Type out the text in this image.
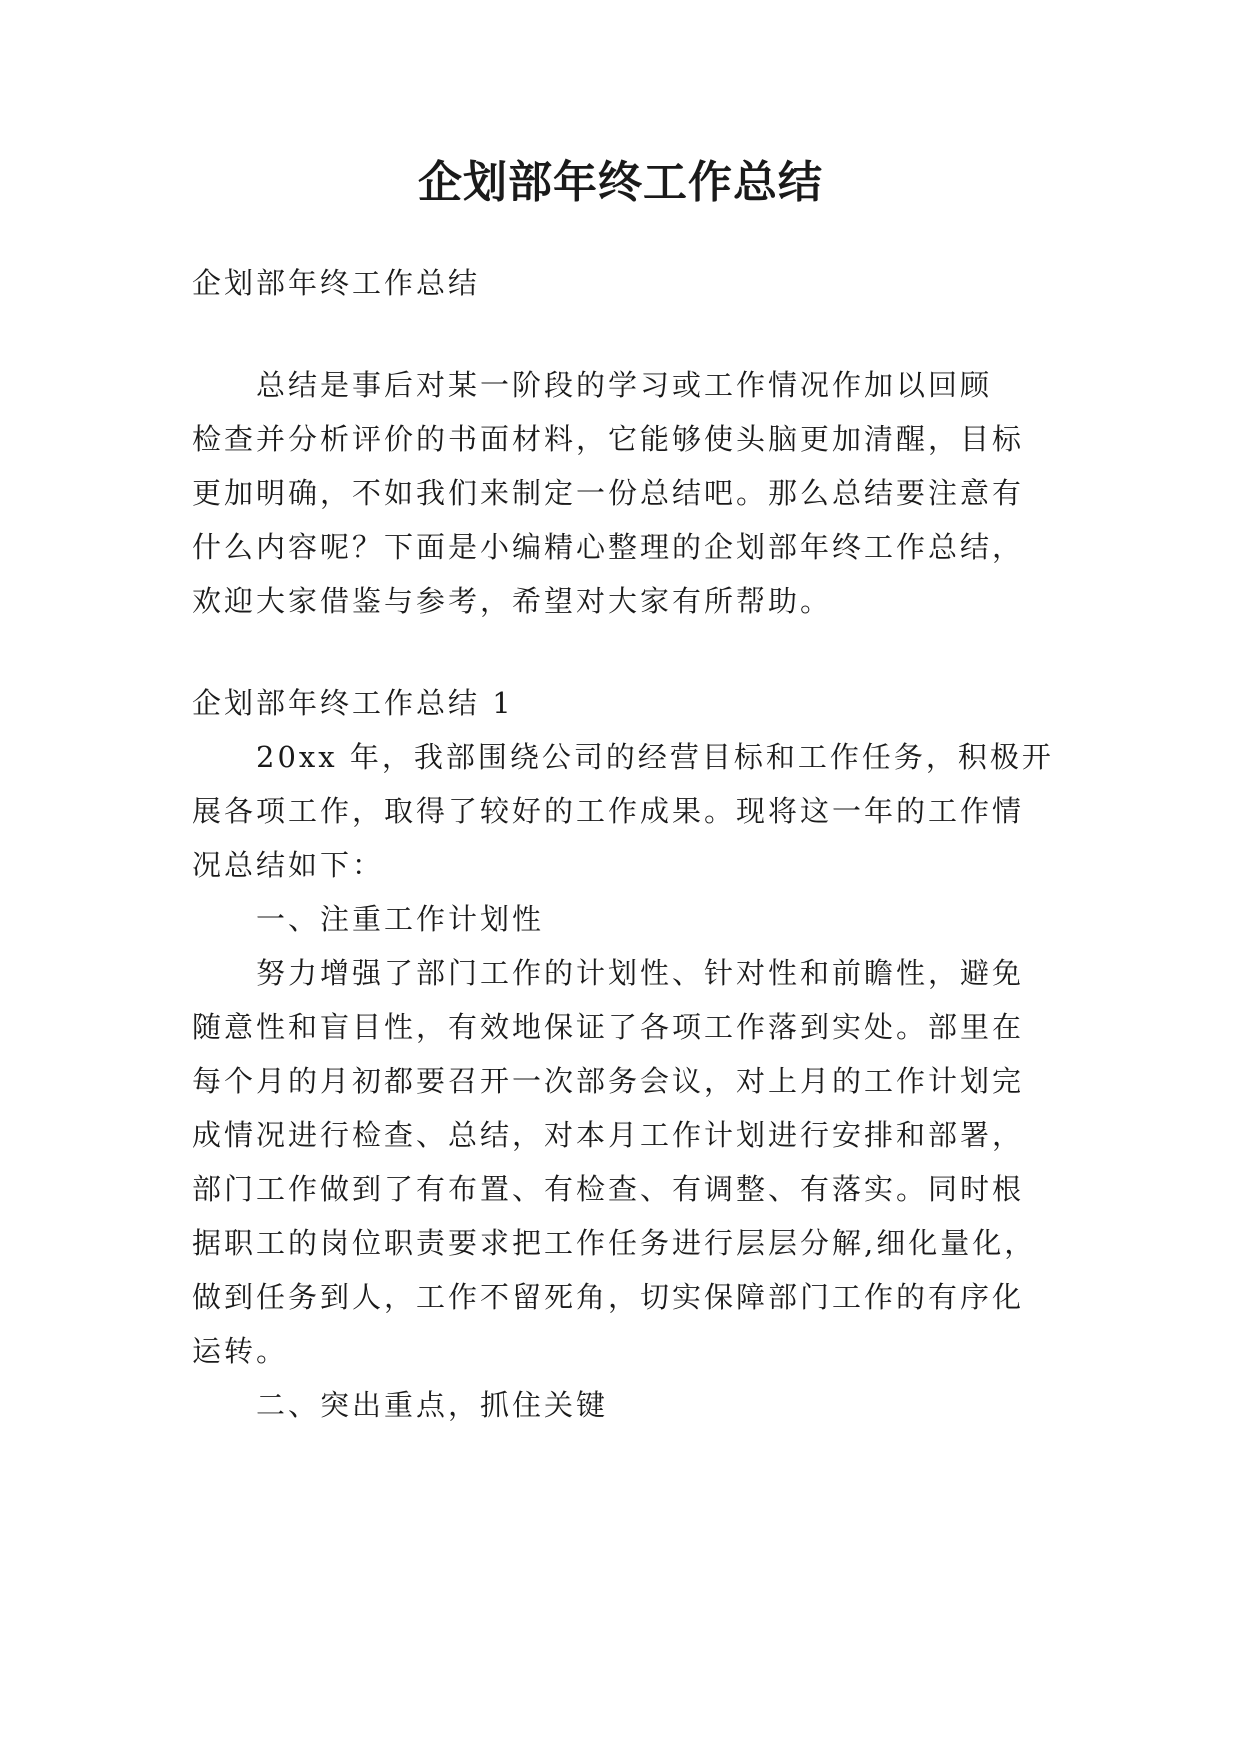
企划部年终工作总结
企划部年终工作总结
总结是事后对某一阶段的学习或工作情况作加以回顾
检查并分析评价的书面材料，它能够使头脑更加清醒，目标
更加明确，不如我们来制定一份总结吧。那么总结要注意有
什么内容呢？下面是小编精心整理的企划部年终工作总结，
欢迎大家借鉴与参考，希望对大家有所帮助。
企划部年终工作总结 1
20xx 年，我部围绕公司的经营目标和工作任务，积极开
展各项工作，取得了较好的工作成果。现将这一年的工作情
况总结如下：
一、注重工作计划性
努力增强了部门工作的计划性、针对性和前瞻性，避免
随意性和盲目性，有效地保证了各项工作落到实处。部里在
每个月的月初都要召开一次部务会议，对上月的工作计划完
成情况进行检查、总结，对本月工作计划进行安排和部署，
部门工作做到了有布置、有检查、有调整、有落实。同时根
据职工的岗位职责要求把工作任务进行层层分解,细化量化，
做到任务到人，工作不留死角，切实保障部门工作的有序化
运转。
二、突出重点，抓住关键
